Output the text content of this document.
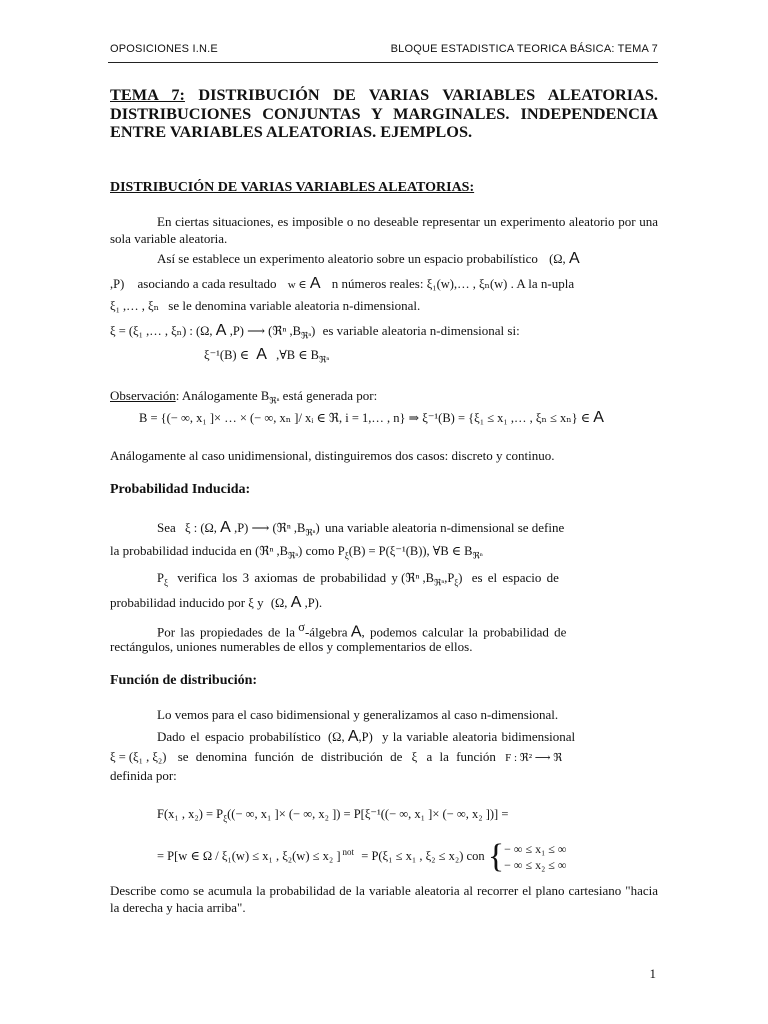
OPOSICIONES I.N.E	BLOQUE ESTADISTICA TEORICA BÁSICA: TEMA 7
TEMA 7: DISTRIBUCIÓN DE VARIAS VARIABLES ALEATORIAS. DISTRIBUCIONES CONJUNTAS Y MARGINALES. INDEPENDENCIA ENTRE VARIABLES ALEATORIAS. EJEMPLOS.
DISTRIBUCIÓN DE VARIAS VARIABLES ALEATORIAS:
En ciertas situaciones, es imposible o no deseable representar un experimento aleatorio por una sola variable aleatoria.
Así se establece un experimento aleatorio sobre un espacio probabilístico (Ω, A
,P) asociando a cada resultado w ∈ A n números reales: ξ₁(w),… , ξₙ(w) . A la n-upla
ξ₁ ,… , ξₙ se le denomina variable aleatoria n-dimensional.
ξ = (ξ₁ ,… , ξₙ) : (Ω, A ,P) ⟶ (ℜⁿ $,B_{ℜ^n}$) es variable aleatoria n-dimensional si:
ξ⁻¹(B) ∈ A ,∀B ∈ $B_{ℜ^n}$
Observación: Análogamente $B_{ℜ^n}$ está generada por:
B = {(− ∞, x₁ ]× … × (− ∞, xₙ ]/ xᵢ ∈ ℜ, i = 1,… , n} ⇒ ξ⁻¹(B) = {ξ₁ ≤ x₁ ,… , ξₙ ≤ xₙ} ∈ A
Análogamente al caso unidimensional, distinguiremos dos casos: discreto y continuo.
Probabilidad Inducida:
Sea ξ : (Ω, A ,P) ⟶ (ℜⁿ $,B_{ℜ^n}$) una variable aleatoria n-dimensional se define
la probabilidad inducida en (ℜⁿ $,B_{ℜ^n}$) como $P_\xi(B) = P(\xi^{-1}(B))$, ∀B ∈ $B_{ℜ^n}$
$P_\xi$ verifica los 3 axiomas de probabilidad y (ℜⁿ $,B_{ℜ^n},P_\xi$) es el espacio de
probabilidad inducido por ξ y (Ω, A ,P).
Por las propiedades de la $^\sigma$-álgebra A, podemos calcular la probabilidad de
rectángulos, uniones numerables de ellos y complementarios de ellos.
Función de distribución:
Lo vemos para el caso bidimensional y generalizamos al caso n-dimensional.
Dado el espacio probabilístico (Ω, A,P) y la variable aleatoria bidimensional
ξ = (ξ₁ , ξ₂) se denomina función de distribución de ξ a la función F : ℜ² ⟶ ℜ
definida por:
F(x₁ , $x_2) = P_\xi((-$ ∞, x₁ ]× (− ∞, x₂ ]) = P[ξ⁻¹((− ∞, x₁ ]× (− ∞, x₂ ])] =
= P[w ∈ Ω / ξ₁(w) ≤ x₁ , ξ₂(w) ≤ x₂ ] $^{not}$ = P(ξ₁ ≤ x₁ , ξ₂ ≤ x₂) con {− ∞ ≤ x₁ ≤ ∞
− ∞ ≤ x₂ ≤ ∞
Describe como se acumula la probabilidad de la variable aleatoria al recorrer el plano cartesiano "hacia la derecha y hacia arriba".
1
